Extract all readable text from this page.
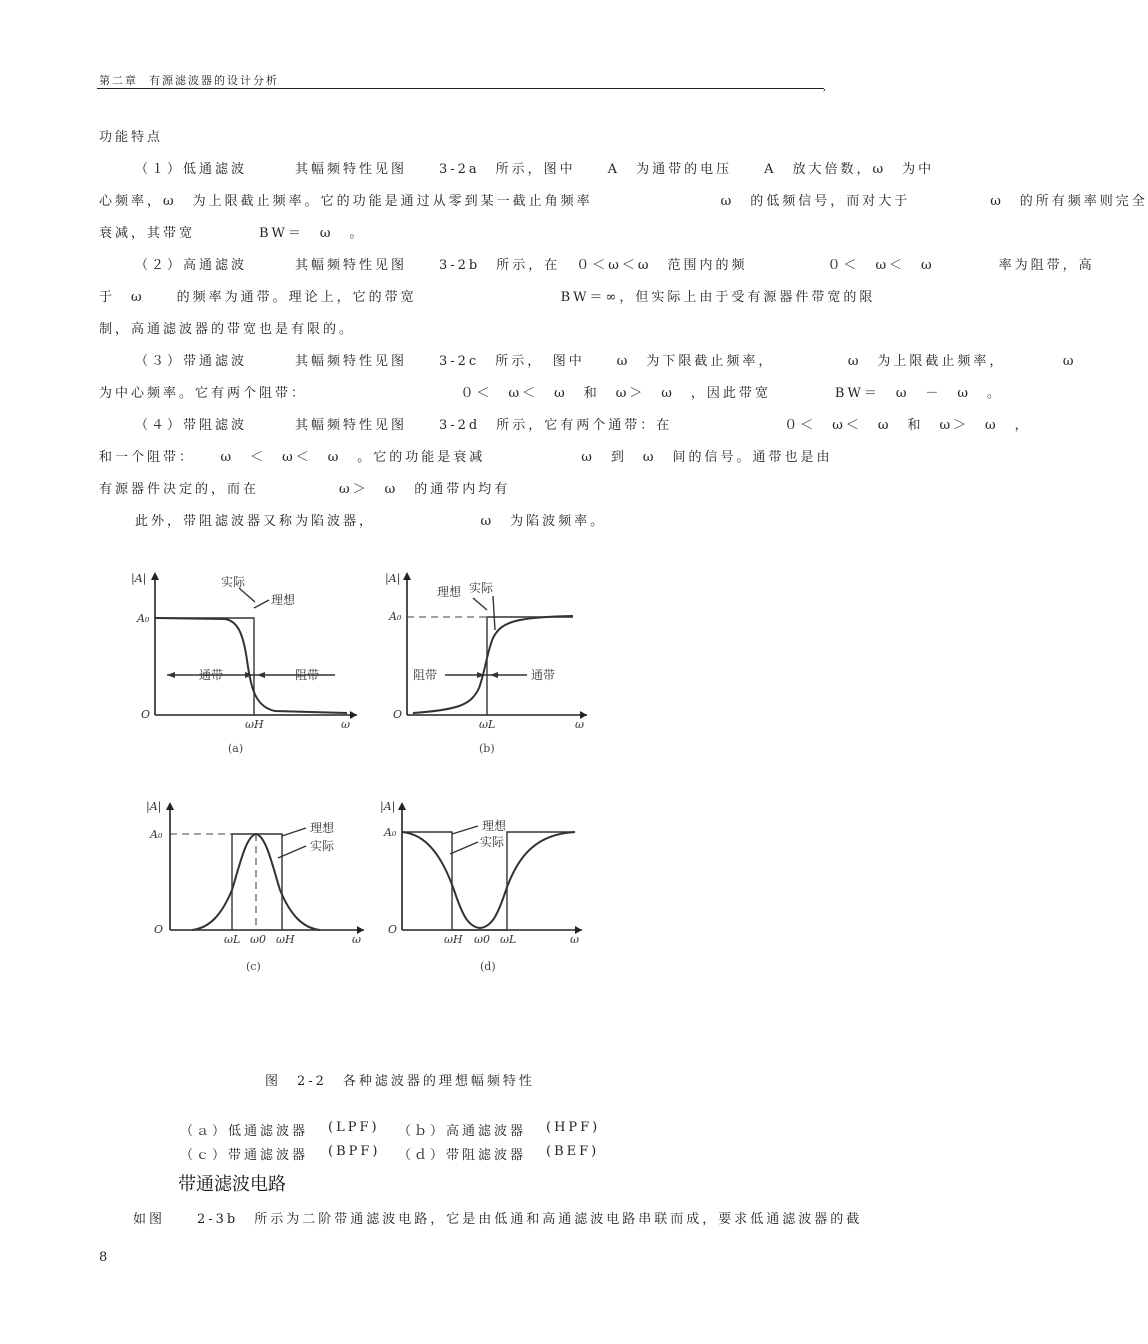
第二章 有源滤波器的设计分析
,
功能特点
（１）低通滤波　　　其幅频特性见图　　3-2a　所示，图中　　A　为通带的电压　　A　放大倍数，ω　为中
心频率，ω　为上限截止频率。它的功能是通过从零到某一截止角频率　　　　　　　　ω　的低频信号，而对大于　　　　　ω　的所有频率则完全
衰减，其带宽　　　　BW＝　ω　。
（２）高通滤波　　　其幅频特性见图　　3-2b　所示，在　０＜ω＜ω　范围内的频　　　　　０＜　ω＜　ω　　　　率为阻带，高
于　ω　　的频率为通带。理论上，它的带宽　　　　　　　　　BW＝∞，但实际上由于受有源器件带宽的限
制，高通滤波器的带宽也是有限的。
（３）带通滤波　　　其幅频特性见图　　3-2c　所示，　图中　　ω　为下限截止频率，　　　　　ω　为上限截止频率，　　　　ω
为中心频率。它有两个阻带：　　　　　　　　　　０＜　ω＜　ω　和　ω＞　ω　，因此带宽　　　　BW＝　ω　－　ω　。
（４）带阻滤波　　　其幅频特性见图　　3-2d　所示，它有两个通带：在　　　　　　　０＜　ω＜　ω　和　ω＞　ω　，
和一个阻带：　　ω　＜　ω＜　ω　。它的功能是衰减　　　　　　ω　到　ω　间的信号。通带也是由
有源器件决定的，而在　　　　　ω＞　ω　的通带内均有
此外，带阻滤波器又称为陷波器，　　　　　　　ω　为陷波频率。
实际
理想
通带	阻带
|A|
A₀
O
ω
ωH
(a)
理想 实际
阻带	通带
|A|
A₀
O
ω
ωL
(b)
理想
实际
|A|
A₀
O
ω
ωL ω0 ωH
(c)
理想
实际
|A|
A₀
O
ω
ωH ω0 ωL
(d)
图　2-2　各种滤波器的理想幅频特性
（ａ）低通滤波器 (LPF) （ｂ）高通滤波器 (HPF)
（ｃ）带通滤波器 (BPF) （ｄ）带阻滤波器 (BEF)
带通滤波电路
如图　　2-3b　所示为二阶带通滤波电路，它是由低通和高通滤波电路串联而成，要求低通滤波器的截
8
